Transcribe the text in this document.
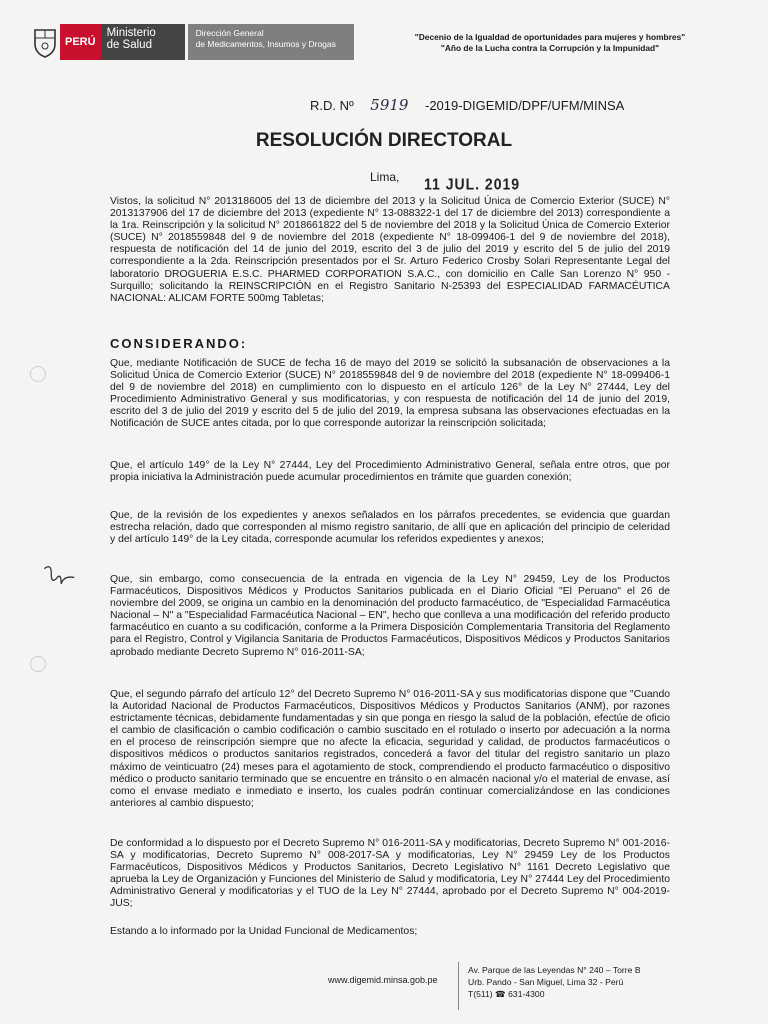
PERÚ
Ministerio
de Salud
Dirección General
de Medicamentos, Insumos y Drogas
"Decenio de la Igualdad de oportunidades para mujeres y hombres"
"Año de la Lucha contra la Corrupción y la Impunidad"
R.D. Nº 5919 -2019-DIGEMID/DPF/UFM/MINSA
RESOLUCIÓN DIRECTORAL
Lima, 11 JUL. 2019
Vistos, la solicitud N° 2013186005 del 13 de diciembre del 2013 y la Solicitud Única de Comercio Exterior (SUCE) N° 2013137906 del 17 de diciembre del 2013 (expediente N° 13-088322-1 del 17 de diciembre del 2013) correspondiente a la 1ra. Reinscripción y la solicitud N° 2018661822 del 5 de noviembre del 2018 y la Solicitud Única de Comercio Exterior (SUCE) N° 2018559848 del 9 de noviembre del 2018 (expediente N° 18-099406-1 del 9 de noviembre del 2018), respuesta de notificación del 14 de junio del 2019, escrito del 3 de julio del 2019 y escrito del 5 de julio del 2019 correspondiente a la 2da. Reinscripción presentados por el Sr. Arturo Federico Crosby Solari Representante Legal del laboratorio DROGUERIA E.S.C. PHARMED CORPORATION S.A.C., con domicilio en Calle San Lorenzo N° 950 - Surquillo; solicitando la REINSCRIPCIÓN en el Registro Sanitario N-25393 del ESPECIALIDAD FARMACÉUTICA NACIONAL: ALICAM FORTE 500mg Tabletas;
CONSIDERANDO:
Que, mediante Notificación de SUCE de fecha 16 de mayo del 2019 se solicitó la subsanación de observaciones a la Solicitud Única de Comercio Exterior (SUCE) N° 2018559848 del 9 de noviembre del 2018 (expediente N° 18-099406-1 del 9 de noviembre del 2018) en cumplimiento con lo dispuesto en el artículo 126° de la Ley N° 27444, Ley del Procedimiento Administrativo General y sus modificatorias, y con respuesta de notificación del 14 de junio del 2019, escrito del 3 de julio del 2019 y escrito del 5 de julio del 2019, la empresa subsana las observaciones efectuadas en la Notificación de SUCE antes citada, por lo que corresponde autorizar la reinscripción solicitada;
Que, el artículo 149° de la Ley N° 27444, Ley del Procedimiento Administrativo General, señala entre otros, que por propia iniciativa la Administración puede acumular procedimientos en trámite que guarden conexión;
Que, de la revisión de los expedientes y anexos señalados en los párrafos precedentes, se evidencia que guardan estrecha relación, dado que corresponden al mismo registro sanitario, de allí que en aplicación del principio de celeridad y del artículo 149° de la Ley citada, corresponde acumular los referidos expedientes y anexos;
Que, sin embargo, como consecuencia de la entrada en vigencia de la Ley N° 29459, Ley de los Productos Farmacéuticos, Dispositivos Médicos y Productos Sanitarios publicada en el Diario Oficial "El Peruano" el 26 de noviembre del 2009, se origina un cambio en la denominación del producto farmacéutico, de "Especialidad Farmacéutica Nacional – N" a "Especialidad Farmacéutica Nacional – EN", hecho que conlleva a una modificación del referido producto farmacéutico en cuanto a su codificación, conforme a la Primera Disposición Complementaria Transitoria del Reglamento para el Registro, Control y Vigilancia Sanitaria de Productos Farmacéuticos, Dispositivos Médicos y Productos Sanitarios aprobado mediante Decreto Supremo N° 016-2011-SA;
Que, el segundo párrafo del artículo 12° del Decreto Supremo N° 016-2011-SA y sus modificatorias dispone que "Cuando la Autoridad Nacional de Productos Farmacéuticos, Dispositivos Médicos y Productos Sanitarios (ANM), por razones estrictamente técnicas, debidamente fundamentadas y sin que ponga en riesgo la salud de la población, efectúe de oficio el cambio de clasificación o cambio codificación o cambio suscitado en el rotulado o inserto por adecuación a la norma en el proceso de reinscripción siempre que no afecte la eficacia, seguridad y calidad, de productos farmacéuticos o dispositivos médicos o productos sanitarios registrados, concederá a favor del titular del registro sanitario un plazo máximo de veinticuatro (24) meses para el agotamiento de stock, comprendiendo el producto farmacéutico o dispositivo médico o producto sanitario terminado que se encuentre en tránsito o en almacén nacional y/o el material de envase, así como el envase mediato e inmediato e inserto, los cuales podrán continuar comercializándose en las condiciones anteriores al cambio dispuesto;
De conformidad a lo dispuesto por el Decreto Supremo N° 016-2011-SA y modificatorias, Decreto Supremo N° 001-2016-SA y modificatorias, Decreto Supremo N° 008-2017-SA y modificatorias, Ley N° 29459 Ley de los Productos Farmacéuticos, Dispositivos Médicos y Productos Sanitarios, Decreto Legislativo N° 1161 Decreto Legislativo que aprueba la Ley de Organización y Funciones del Ministerio de Salud y modificatoria, Ley N° 27444 Ley del Procedimiento Administrativo General y modificatorias y el TUO de la Ley N° 27444, aprobado por el Decreto Supremo N° 004-2019-JUS;
Estando a lo informado por la Unidad Funcional de Medicamentos;
www.digemid.minsa.gob.pe
Av. Parque de las Leyendas N° 240 – Torre B
Urb. Pando - San Miguel, Lima 32 - Perú
T(511) ☎ 631-4300
